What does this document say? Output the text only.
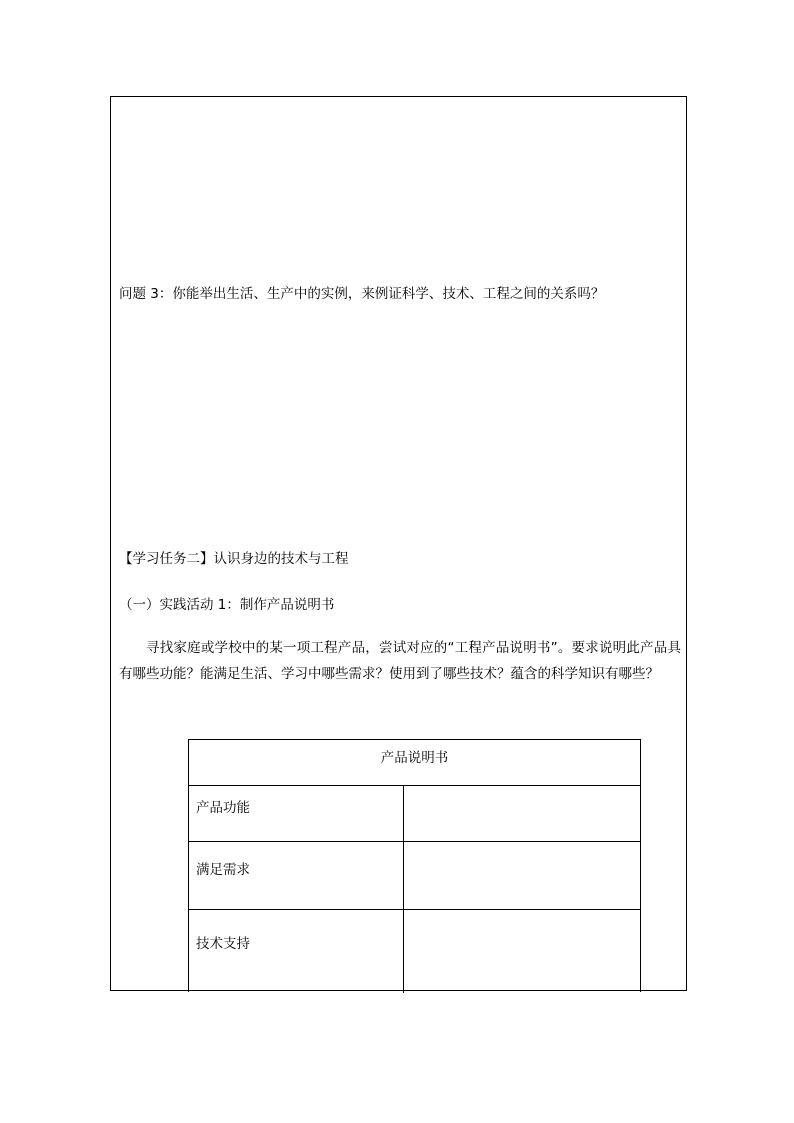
问题 3：你能举出生活、生产中的实例，来例证科学、技术、工程之间的关系吗？
【学习任务二】认识身边的技术与工程
（一）实践活动 1：制作产品说明书
寻找家庭或学校中的某一项工程产品，尝试对应的“工程产品说明书”。要求说明此产品具有哪些功能？能满足生活、学习中哪些需求？使用到了哪些技术？蕴含的科学知识有哪些？
产品说明书
产品功能
满足需求
技术支持
